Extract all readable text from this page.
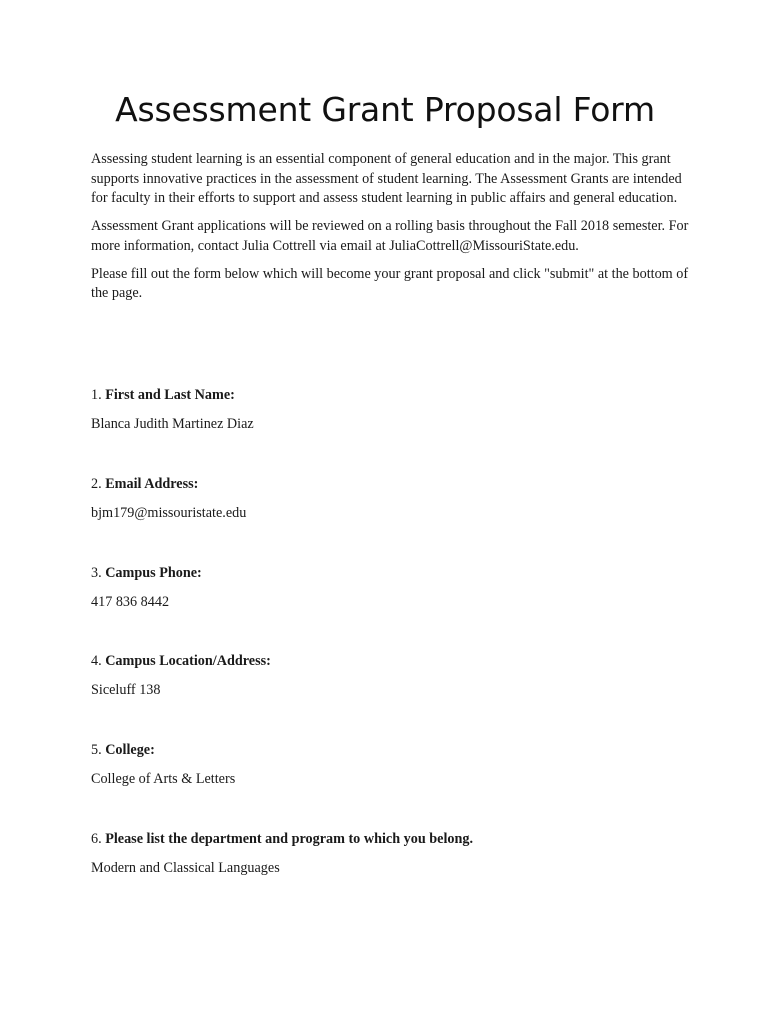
Assessment Grant Proposal Form

Assessing student learning is an essential component of general education and in the major. This grant supports innovative practices in the assessment of student learning. The Assessment Grants are intended for faculty in their efforts to support and assess student learning in public affairs and general education.

Assessment Grant applications will be reviewed on a rolling basis throughout the Fall 2018 semester. For more information, contact Julia Cottrell via email at JuliaCottrell@MissouriState.edu.

Please fill out the form below which will become your grant proposal and click "submit" at the bottom of the page.

1. First and Last Name:

Blanca Judith Martinez Diaz

2. Email Address:

bjm179@missouristate.edu

3. Campus Phone:

417 836 8442

4. Campus Location/Address:

Siceluff 138

5. College:

College of Arts & Letters

6. Please list the department and program to which you belong.

Modern and Classical Languages
